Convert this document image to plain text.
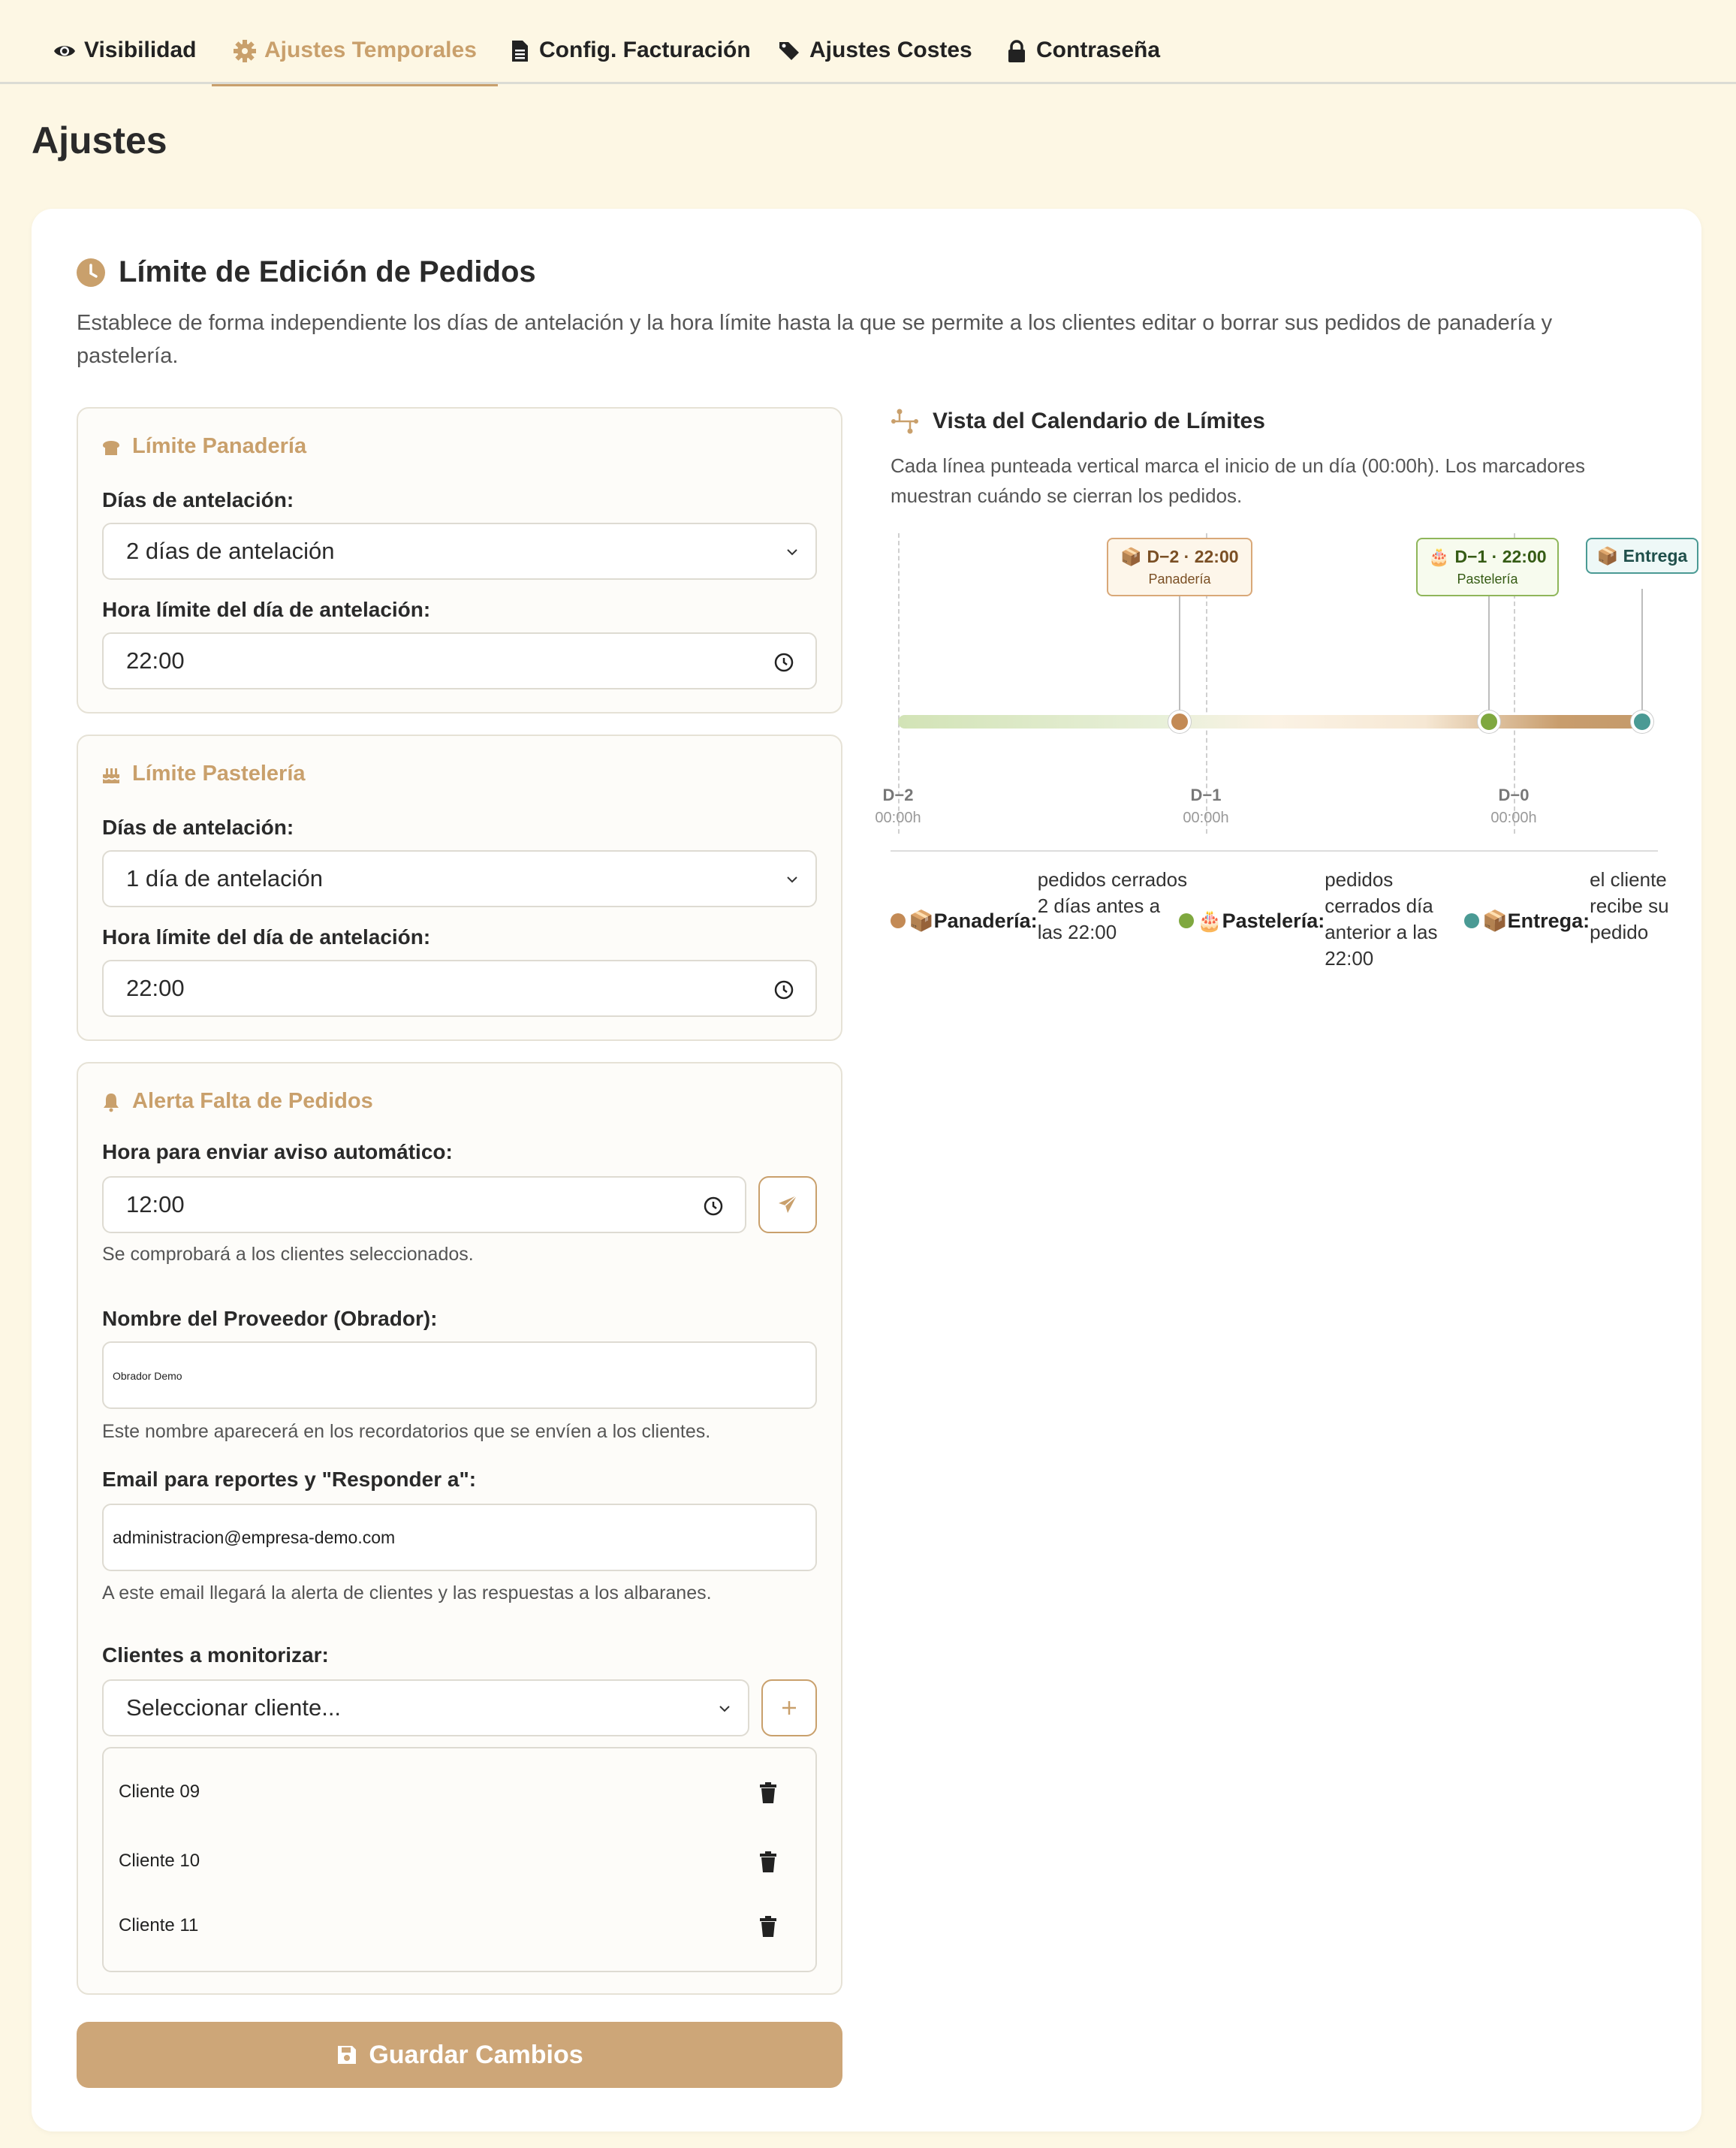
Visibilidad	Ajustes Temporales	Config. Facturación	Ajustes Costes	Contraseña
Ajustes
Límite de Edición de Pedidos
Establece de forma independiente los días de antelación y la hora límite hasta la que se permite a los clientes editar o borrar sus pedidos de panadería y pastelería.
Límite Panadería
Días de antelación:
2 días de antelación
Hora límite del día de antelación:
22:00
Límite Pastelería
Días de antelación:
1 día de antelación
Hora límite del día de antelación:
22:00
Alerta Falta de Pedidos
Hora para enviar aviso automático:
12:00
Se comprobará a los clientes seleccionados.
Nombre del Proveedor (Obrador):
Obrador Demo
Este nombre aparecerá en los recordatorios que se envíen a los clientes.
Email para reportes y "Responder a":
administracion@empresa-demo.com
A este email llegará la alerta de clientes y las respuestas a los albaranes.
Clientes a monitorizar:
Seleccionar cliente...
Cliente 09
Cliente 10
Cliente 11
Guardar Cambios
Vista del Calendario de Límites
Cada línea punteada vertical marca el inicio de un día (00:00h). Los marcadores muestran cuándo se cierran los pedidos.
📦 D−2 · 22:00
Panadería
🎂 D−1 · 22:00
Pastelería
📦 Entrega
D−2
00:00h
D−1
00:00h
D−0
00:00h
📦Panadería:
pedidos cerrados 2 días antes a las 22:00	🎂Pastelería:
pedidos cerrados día anterior a las 22:00
📦Entrega:
el cliente recibe su pedido
